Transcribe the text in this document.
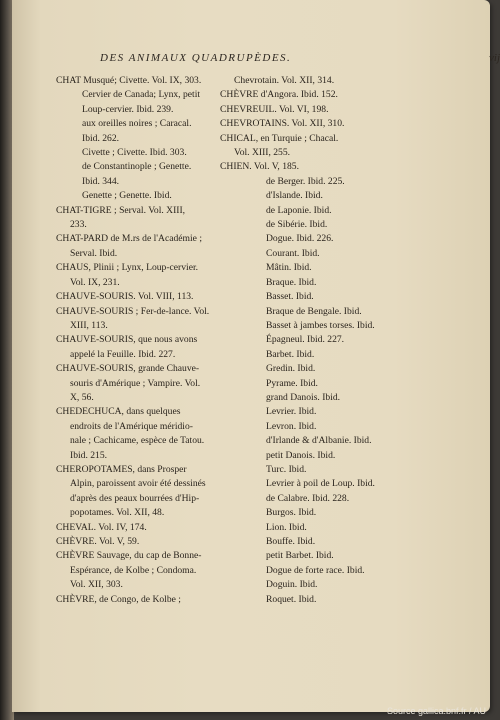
DES ANIMAUX QUADRUPÈDES.	vij
CHAT Musqué; Civette. Vol. IX, 303.
Cervier de Canada; Lynx, petit
Loup-cervier. Ibid. 239.
aux oreilles noires ; Caracal.
Ibid. 262.
Civette ; Civette. Ibid. 303.
de Constantinople ; Genette.
Ibid. 344.
Genette ; Genette. Ibid.
CHAT-TIGRE ; Serval. Vol. XIII,
233.
CHAT-PARD de M.rs de l'Académie ;
Serval. Ibid.
CHAUS, Plinii ; Lynx, Loup-cervier.
Vol. IX, 231.
CHAUVE-SOURIS. Vol. VIII, 113.
CHAUVE-SOURIS ; Fer-de-lance. Vol.
XIII, 113.
CHAUVE-SOURIS, que nous avons
appelé la Feuille. Ibid. 227.
CHAUVE-SOURIS, grande Chauve-
souris d'Amérique ; Vampire. Vol.
X, 56.
CHEDECHUCA, dans quelques
endroits de l'Amérique méridio-
nale ; Cachicame, espèce de Tatou.
Ibid. 215.
CHEROPOTAMES, dans Prosper
Alpin, paroissent avoir été dessinés
d'après des peaux bourrées d'Hip-
popotames. Vol. XII, 48.
CHEVAL. Vol. IV, 174.
CHÈVRE. Vol. V, 59.
CHÈVRE Sauvage, du cap de Bonne-
Espérance, de Kolbe ; Condoma.
Vol. XII, 303.
CHÈVRE, de Congo, de Kolbe ;
Chevrotain. Vol. XII, 314.
CHÈVRE d'Angora. Ibid. 152.
CHEVREUIL. Vol. VI, 198.
CHEVROTAINS. Vol. XII, 310.
CHICAL, en Turquie ; Chacal.
Vol. XIII, 255.
CHIEN. Vol. V, 185.
de Berger. Ibid. 225.
d'Islande. Ibid.
de Laponie. Ibid.
de Sibérie. Ibid.
Dogue. Ibid. 226.
Courant. Ibid.
Mâtin. Ibid.
Braque. Ibid.
Basset. Ibid.
Braque de Bengale. Ibid.
Basset à jambes torses. Ibid.
Épagneul. Ibid. 227.
Barbet. Ibid.
Gredin. Ibid.
Pyrame. Ibid.
grand Danois. Ibid.
Levrier. Ibid.
Levron. Ibid.
d'Irlande & d'Albanie. Ibid.
petit Danois. Ibid.
Turc. Ibid.
Levrier à poil de Loup. Ibid.
de Calabre. Ibid. 228.
Burgos. Ibid.
Lion. Ibid.
Bouffe. Ibid.
petit Barbet. Ibid.
Dogue de forte race. Ibid.
Doguin. Ibid.
Roquet. Ibid.
Source gallica.bnf.fr / AU
